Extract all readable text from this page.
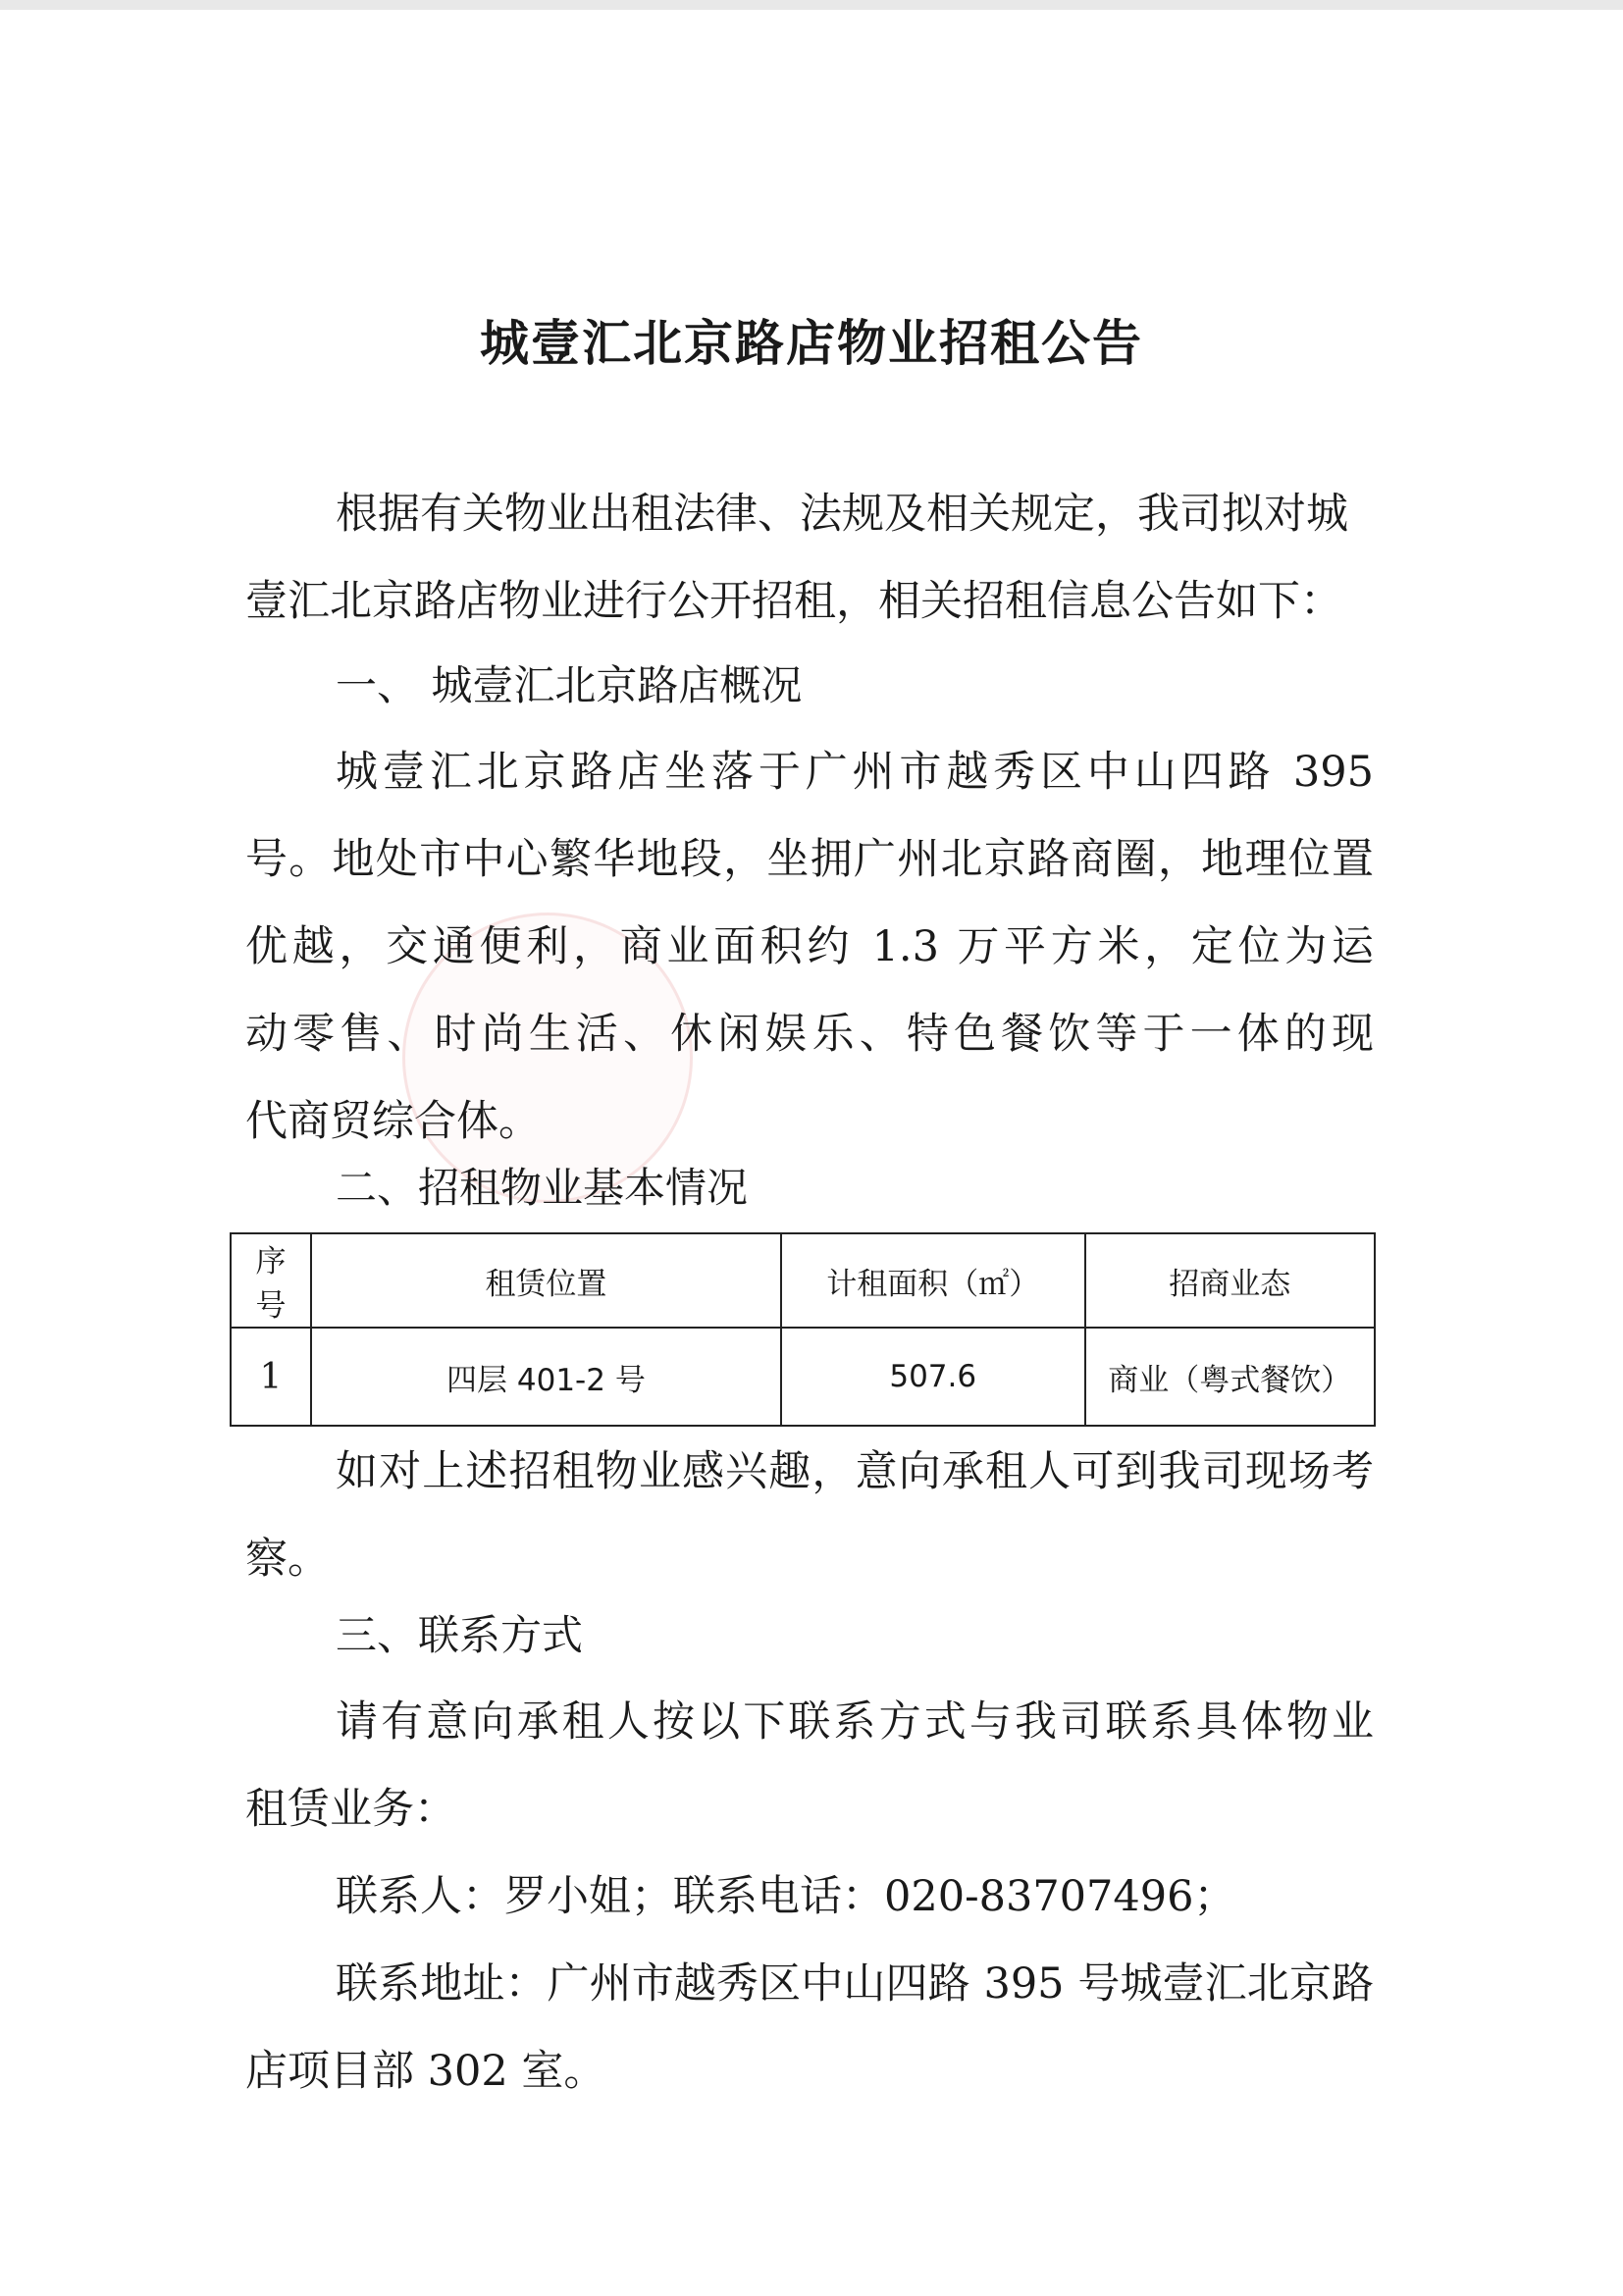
城壹汇北京路店物业招租公告

根据有关物业出租法律、法规及相关规定，我司拟对城

壹汇北京路店物业进行公开招租，相关招租信息公告如下：

一、 城壹汇北京路店概况

城壹汇北京路店坐落于广州市越秀区中山四路 395

号。地处市中心繁华地段，坐拥广州北京路商圈，地理位置

优越，交通便利，商业面积约 1.3 万平方米，定位为运

动零售、时尚生活、休闲娱乐、特色餐饮等于一体的现

代商贸综合体。

二、招租物业基本情况

序
号	租赁位置	计租面积（㎡）	招商业态
1	四层 401-2 号	507.6	商业（粤式餐饮）

如对上述招租物业感兴趣，意向承租人可到我司现场考

察。

三、联系方式

请有意向承租人按以下联系方式与我司联系具体物业

租赁业务：

联系人：罗小姐；联系电话：020-83707496；

联系地址：广州市越秀区中山四路 395 号城壹汇北京路

店项目部 302 室。
